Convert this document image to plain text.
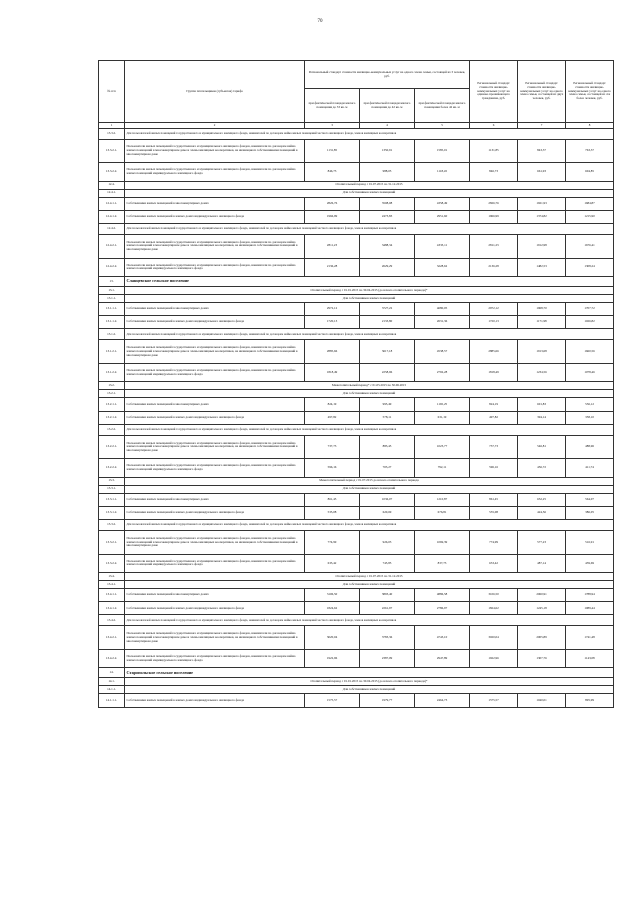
70
№ п/п	Группа плательщиков (субъектов) тарифа	Региональный стандарт стоимости жилищно-коммунальных услуг на одного члена семьи, состоящей из 3 человек, руб.			Региональный стандарт стоимости жилищно-коммунальных услуг на одиноко проживающего гражданина, руб.	Региональный стандарт стоимости жилищно-коммунальных услуг на одного члена семьи, состоящей из двух человек, руб.	Региональный стандарт стоимости жилищно-коммунальных услуг на одного члена семьи, состоящей из 4 и более человек, руб.
		при фактической площади жилого помещения до 33 кв. м	при фактической площади жилого помещения до 42 кв. м	при фактической площади жилого помещения более 42 кв. м			
1	2	3	4	5	6	7	8
13.3.2.	Для пользователей жилых помещений государственного и муниципального жилищного фонда, нанимателей по договорам найма жилых помещений частного жилищного фонда, членов жилищных кооперативов						
13.3.2.1.	Пользователи жилых помещений государственного и муниципального жилищного фондов, наниматели по договорам найма жилых помещений в многоквартирном доме и члены жилищных кооперативов, не являющиеся собственниками помещений в многоквартирном доме	1131,85	1350,91	1585,01	1131,85	843,37	763,37
13.3.2.2.	Пользователи жилых помещений государственного и муниципального жилищного фондов, наниматели по договорам найма жилых помещений индивидуального жилищного фонда	846,73	988,05	1118,45	846,73	661,93	604,85
12.4.	Отопительный период с 01.07.2015 по 31.12.2015						
12.4.1.	Для собственников жилых помещений						
12.4.1.1.	Собственники жилых помещений в многоквартирных домах	2826,76	3508,08	4358,49	2826,76	1921,93	1684,87
12.4.1.2.	Собственники жилых помещений в жилых домах индивидуального жилищного фонда	1966,99	2473,83	2951,60	1966,99	1374,82	1215,90
12.4.2.	Для пользователей жилых помещений государственного и муниципального жилищного фонда, нанимателей по договорам найма жилых помещений частного жилищного фонда, членов жилищных кооперативов						
12.4.2.1.	Пользователи жилых помещений государственного и муниципального жилищного фондов, наниматели по договорам найма жилых помещений в многоквартирном доме и члены жилищных кооперативов, не являющиеся собственниками помещений в многоквартирном доме	2811,23	3488,34	4333,11	2811,23	1912,98	1676,41
12.4.2.2.	Пользователи жилых помещений государственного и муниципального жилищного фондов, наниматели по договорам найма жилых помещений индивидуального жилищного фонда	2136,28	2629,29	3228,62	2136,28	1482,53	1308,24
13.	Сланцевское сельское поселение						
13.1.	Отопительный период с 01.01.2015 по 30.04.2015 (до начала отопительного периода)*						
13.1.1.	Для собственников жилых помещений						
13.1.1.1.	Собственники жилых помещений в многоквартирных домах	2972,12	3727,22	4680,05	2972,12	1968,70	1707,72
13.1.1.2.	Собственники жилых помещений в жилых домах индивидуального жилищного фонда	1720,13	2133,80	2631,36	1720,13	1171,98	1026,82
13.1.2.	Для пользователей жилых помещений государственного и муниципального жилищного фонда, нанимателей по договорам найма жилых помещений частного жилищного фонда, членов жилищных кооперативов						
13.1.2.1.	Пользователи жилых помещений государственного и муниципального жилищного фондов, наниматели по договорам найма жилых помещений в многоквартирном доме и члены жилищных кооперативов, не являющиеся собственниками помещений в многоквартирном доме	2885,66	3617,18	4538,57	2885,66	1913,68	1660,56
13.1.2.2.	Пользователи жилых помещений государственного и муниципального жилищного фондов, наниматели по договорам найма жилых помещений индивидуального жилищного фонда	1818,49	2258,96	2792,28	1818,49	1234,56	1078,46
13.2.	Межотопительный период* с 01.05.2015 по 30.06.2015						
13.2.1.	Для собственников жилых помещений						
13.2.1.1.	Собственники жилых помещений в многоквартирных домах	824,19	995,49	1165,25	824,19	601,83	536,12
13.2.1.2.	Собственники жилых помещений в жилых домах индивидуального жилищного фонда	497,82	578,11	631,19	497,82	394,14	358,10
13.2.2.	Для пользователей жилых помещений государственного и муниципального жилищного фонда, нанимателей по договорам найма жилых помещений частного жилищного фонда, членов жилищных кооперативов						
13.2.2.1.	Пользователи жилых помещений государственного и муниципального жилищного фондов, наниматели по договорам найма жилых помещений в многоквартирном доме и члены жилищных кооперативов, не являющиеся собственниками помещений в многоквартирном доме	737,73	883,45	1023,77	737,73	546,81	488,96
13.2.2.2.	Пользователи жилых помещений государственного и муниципального жилищного фондов, наниматели по договорам найма жилых помещений индивидуального жилищного фонда	596,16	703,27	792,11	596,16	456,72	411,74
13.3.	Межотопительный период с 01.07.2015 до начала отопительного периода						
13.3.1.	Для собственников жилых помещений						
13.3.1.1.	Собственники жилых помещений в многоквартирных домах	861,45	1036,07	1210,87	861,45	632,25	564,07
13.3.1.2.	Собственники жилых помещений в жилых домах индивидуального жилищного фонда	535,08	620,69	676,81	535,08	424,56	386,05
13.3.2.	Для пользователей жилых помещений государственного и муниципального жилищного фонда, нанимателей по договорам найма жилых помещений частного жилищного фонда, членов жилищных кооперативов						
13.3.2.1.	Пользователи жилых помещений государственного и муниципального жилищного фондов, наниматели по договорам найма жилых помещений в многоквартирном доме и члены жилищных кооперативов, не являющиеся собственниками помещений в многоквартирном доме	774,99	926,03	1069,39	774,99	577,23	516,91
13.3.2.2.	Пользователи жилых помещений государственного и муниципального жилищного фондов, наниматели по договорам найма жилых помещений индивидуального жилищного фонда	633,42	745,85	837,73	633,42	487,14	439,69
13.4.	Отопительный период с 01.07.2015 по 31.12.2015						
13.4.1.	Для собственников жилых помещений						
13.4.1.1.	Собственники жилых помещений в многоквартирных домах	3106,50	3893,40	4886,58	3106,50	2060,91	1788,94
13.4.1.2.	Собственники жилых помещений в жилых домах индивидуального жилищного фонда	1824,62	2261,97	2786,97	1824,62	1245,18	1089,44
13.4.2.	Для пользователей жилых помещений государственного и муниципального жилищного фонда, нанимателей по договорам найма жилых помещений частного жилищного фонда, членов жилищных кооперативов						
13.4.2.1.	Пользователи жилых помещений государственного и муниципального жилищного фондов, наниматели по договорам найма жилых помещений в многоквартирном доме и члены жилищных кооперативов, не являющиеся собственниками помещений в многоквартирном доме	3020,04	3783,36	4743,10	3020,04	2005,89	1741,48
13.4.2.2.	Пользователи жилых помещений государственного и муниципального жилищного фондов, наниматели по договорам найма жилых помещений индивидуального жилищного фонда	1922,96	2387,09	2947,89	1922,96	1307,76	1143,08
14.	Старопольское сельское поселение						
14.1.	Отопительный период с 01.01.2015 по 30.04.2015 (до начала отопительного периода)*						
14.1.1.	Для собственников жилых помещений						
14.1.1.1.	Собственники жилых помещений в жилых домах индивидуального жилищного фонда	1575,57	1979,77	2464,73	1575,57	1040,01	895,99
